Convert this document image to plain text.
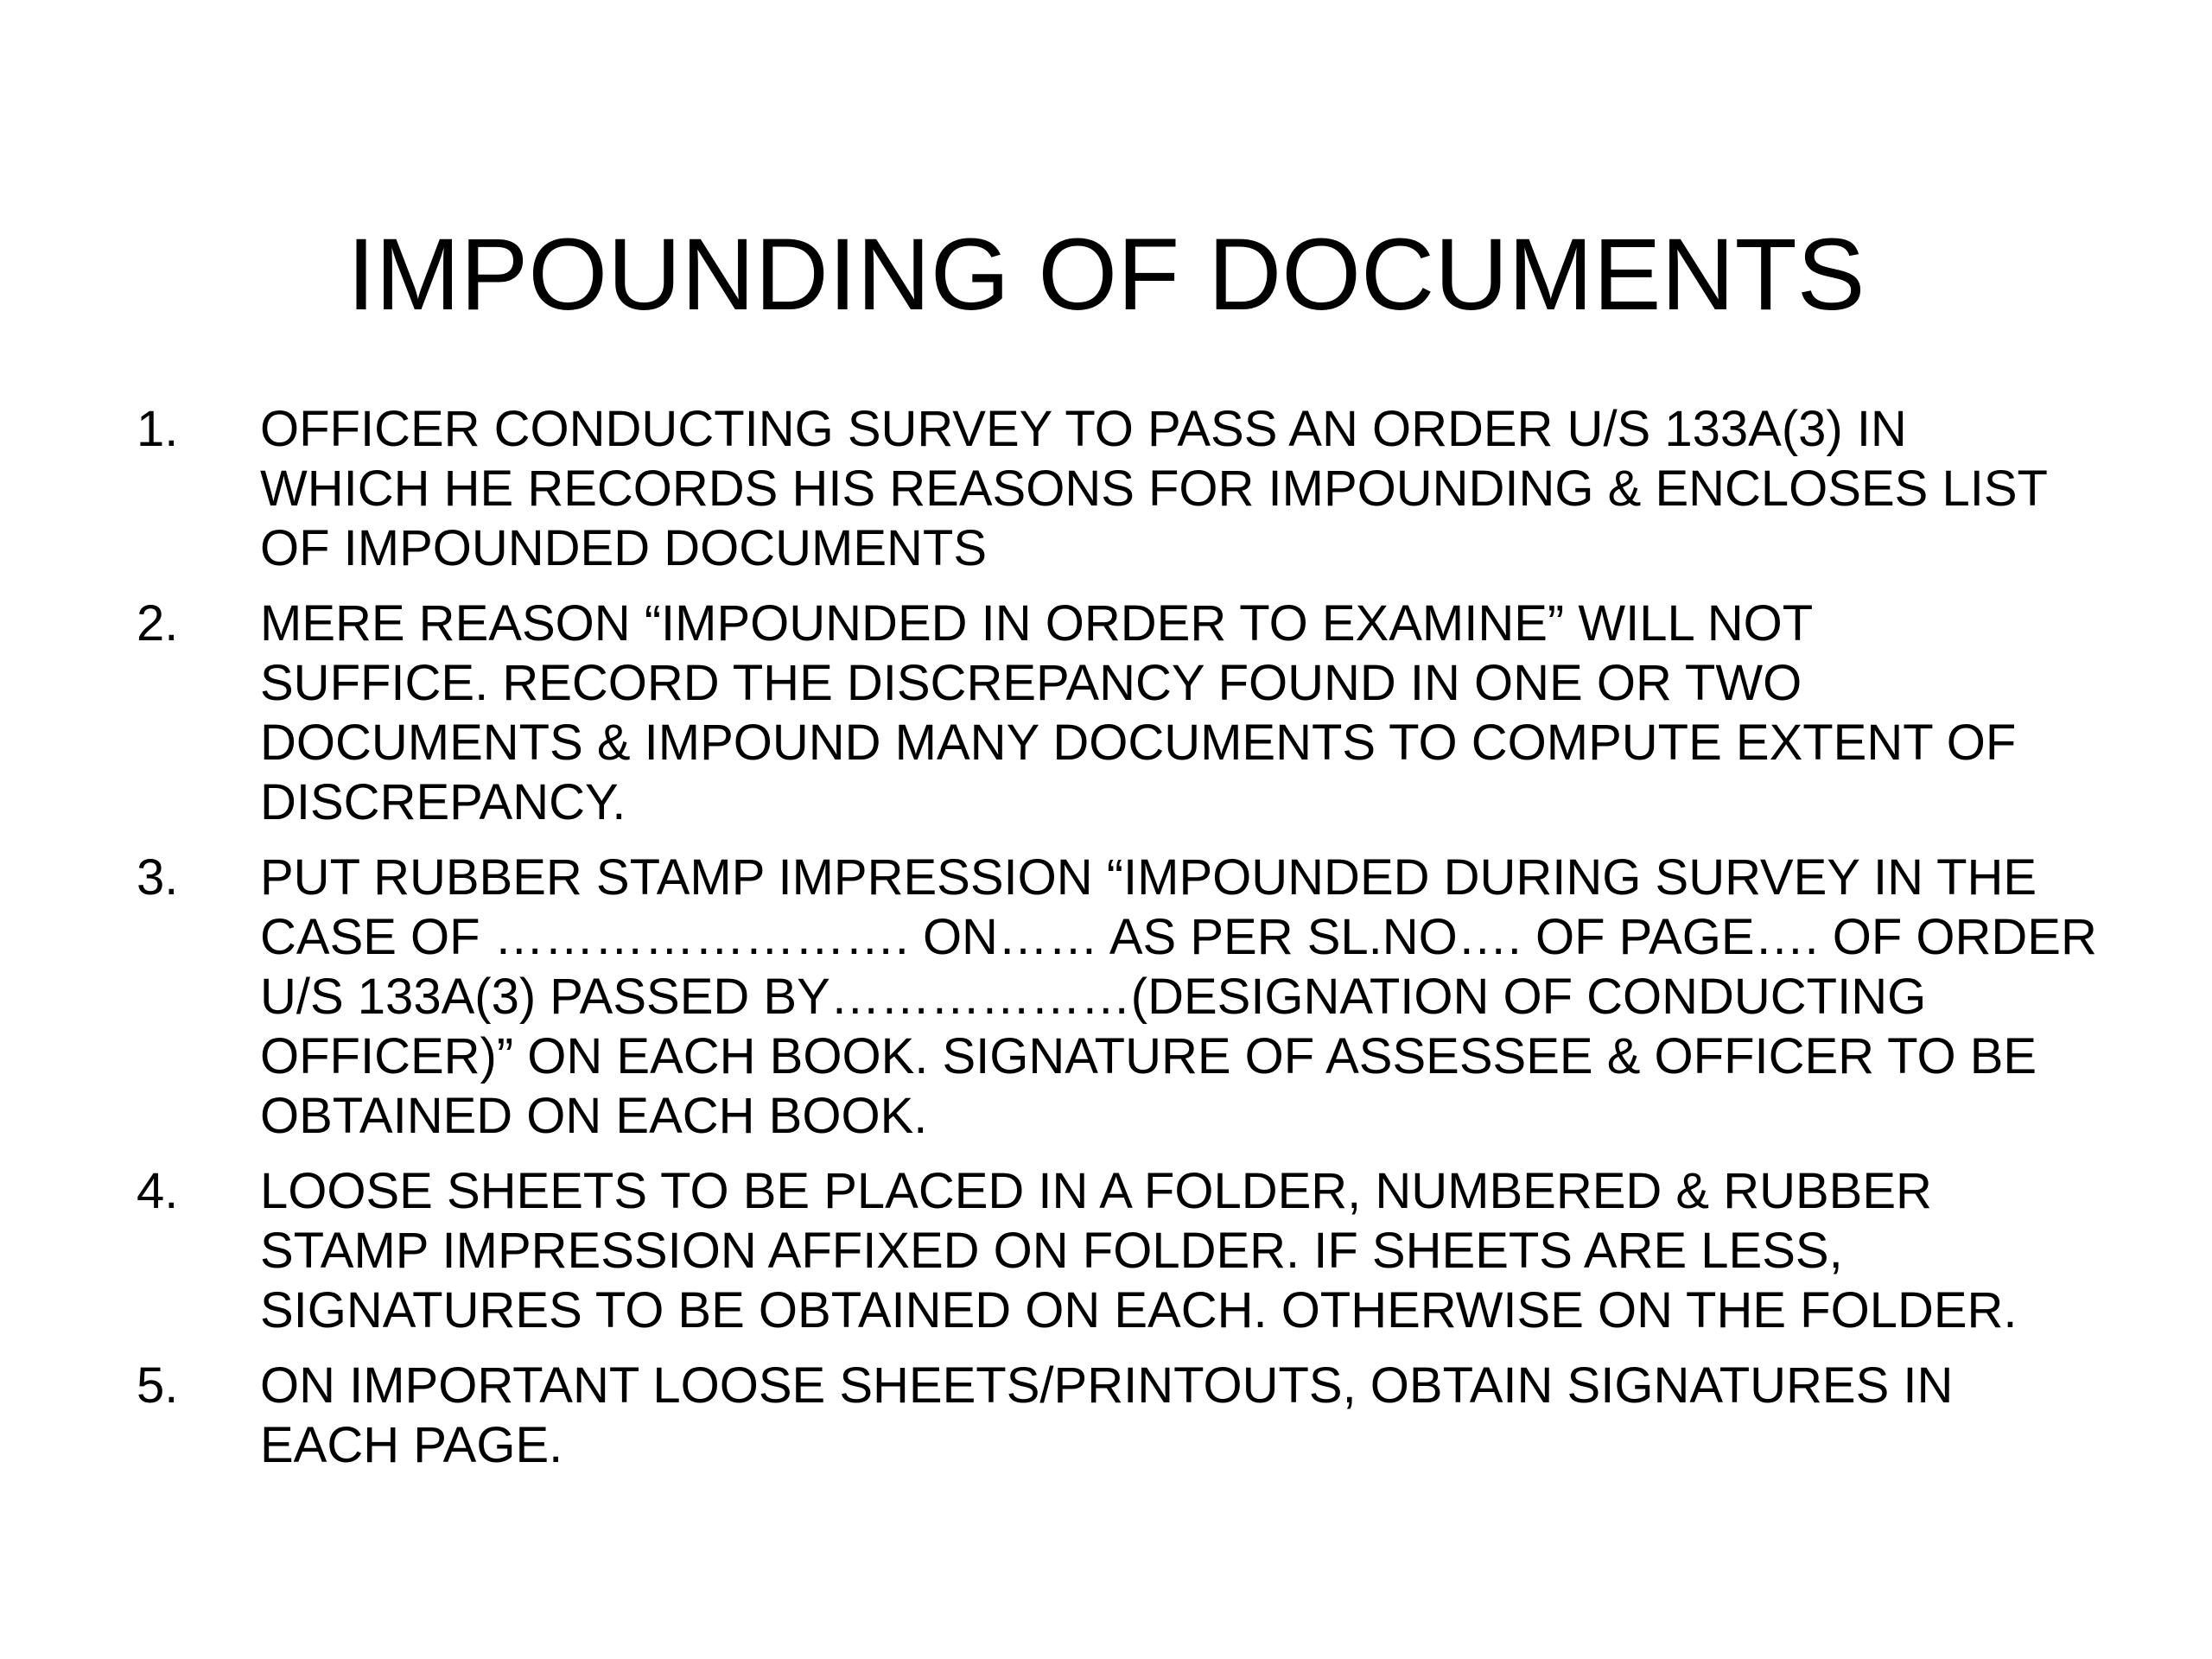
IMPOUNDING OF DOCUMENTS
1.	OFFICER CONDUCTING SURVEY TO PASS AN ORDER U/S 133A(3) IN
WHICH HE RECORDS HIS REASONS FOR IMPOUNDING & ENCLOSES LIST
OF IMPOUNDED DOCUMENTS
2.	MERE REASON “IMPOUNDED IN ORDER TO EXAMINE” WILL NOT
SUFFICE. RECORD THE DISCREPANCY FOUND IN ONE OR TWO
DOCUMENTS & IMPOUND MANY DOCUMENTS TO COMPUTE EXTENT OF
DISCREPANCY.
3.	PUT RUBBER STAMP IMPRESSION “IMPOUNDED DURING SURVEY IN THE
CASE OF ……………………. ON…… AS PER SL.NO…. OF PAGE…. OF ORDER
U/S 133A(3) PASSED BY………………(DESIGNATION OF CONDUCTING
OFFICER)” ON EACH BOOK. SIGNATURE OF ASSESSEE & OFFICER TO BE
OBTAINED ON EACH BOOK.
4.	LOOSE SHEETS TO BE PLACED IN A FOLDER, NUMBERED & RUBBER
STAMP IMPRESSION AFFIXED ON FOLDER. IF SHEETS ARE LESS,
SIGNATURES TO BE OBTAINED ON EACH. OTHERWISE ON THE FOLDER.
5.	ON IMPORTANT LOOSE SHEETS/PRINTOUTS, OBTAIN SIGNATURES IN
EACH PAGE.
